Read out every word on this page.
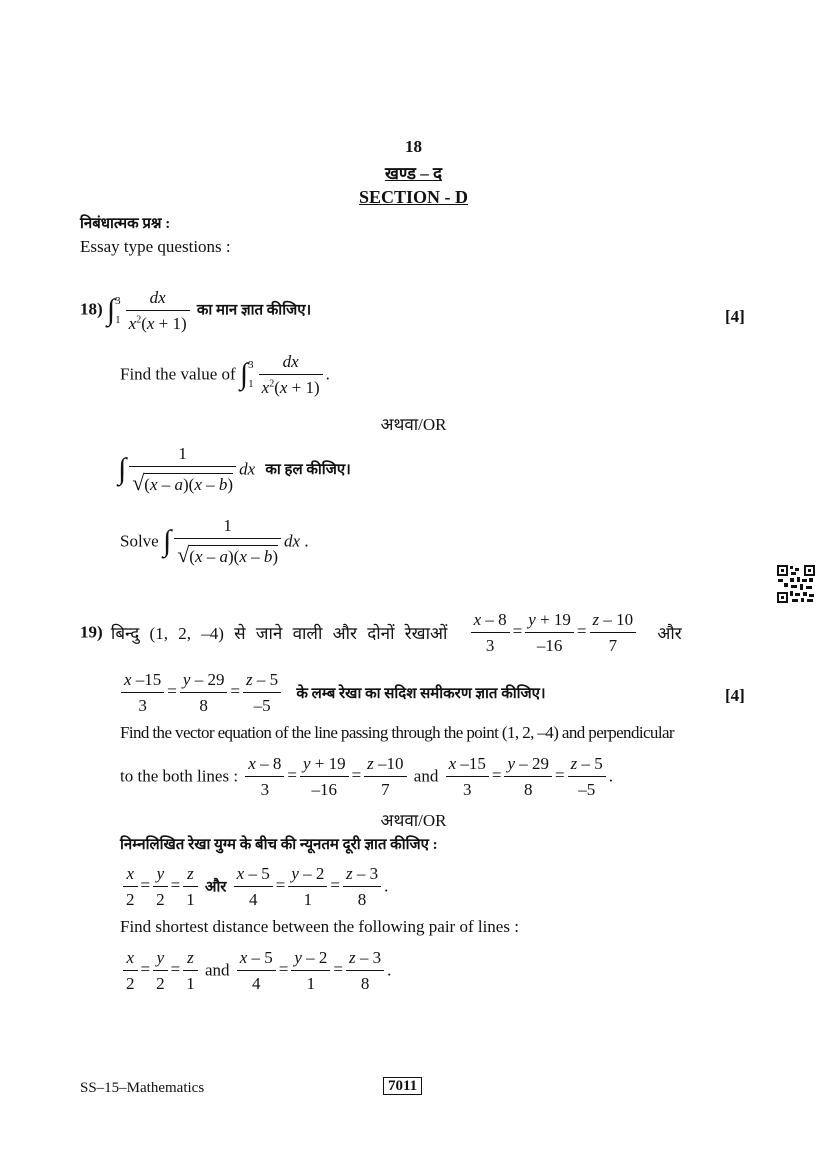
18
खण्ड – द
SECTION - D
निबंधात्मक प्रश्न :
Essay type questions :
18) ∫ 3
$1 \frac{dx}{x^2(x + 1)}$ का मान ज्ञात कीजिए।	[4]
Find the value of ∫ 3
$1 \frac{dx}{x^2(x + 1)}$ .
अथवा/OR
∫ $\frac{1}{√(x - a)(x - b)}$ dx का हल कीजिए।
Solve ∫ $\frac{1}{√(x - a)(x - b)}$ dx .
19) बिन्दु (1, 2, –4) से जाने वाली और दोनों रेखाओं $\frac{x - 8}{3} = \frac{y + 19}{-16} = \frac{z - 10}{7}$ और
$\frac{x -15}{3} = \frac{y - 29}{8} = \frac{z - 5}{-5}$ के लम्ब रेखा का सदिश समीकरण ज्ञात कीजिए।	[4]
Find the vector equation of the line passing through the point (1, 2, –4) and perpendicular
to the both lines : $\frac{x - 8}{3} = \frac{y + 19}{-16} = \frac{z -10}{7}$ and $\frac{x -15}{3} = \frac{y - 29}{8} = \frac{z - 5}{-5}$ .
अथवा/OR
निम्नलिखित रेखा युग्म के बीच की न्यूनतम दूरी ज्ञात कीजिए :
$\frac{x}{2} = \frac{y}{2} = \frac{z}{1}$ और $\frac{x - 5}{4} = \frac{y - 2}{1} = \frac{z - 3}{8}$ .
Find shortest distance between the following pair of lines :
$\frac{x}{2} = \frac{y}{2} = \frac{z}{1}$ and $\frac{x - 5}{4} = \frac{y - 2}{1} = \frac{z - 3}{8}$ .
SS–15–Mathematics	7011
